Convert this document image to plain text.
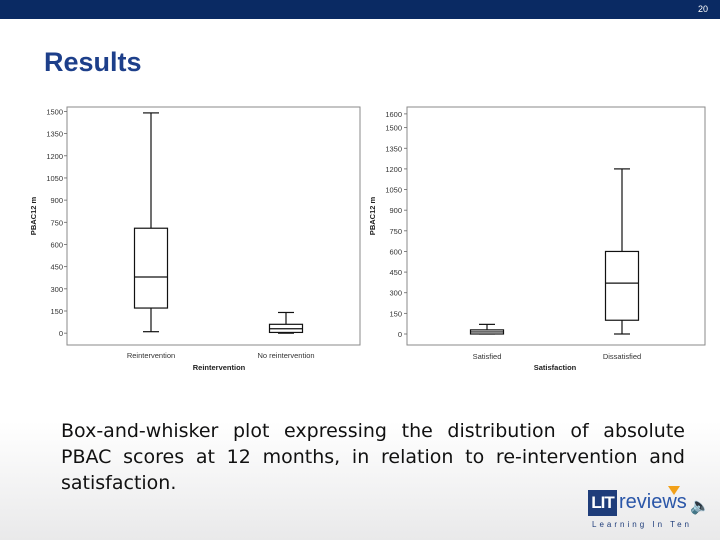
20
Results
0
150
300
450
600
750
900
1050
1200
1350
1500
PBAC12 m
Reintervention	No reintervention
Reintervention
0
150
300
450
600
750
900
1050
1200
1350
1500
1600
PBAC12 m
Satisfied	Dissatisfied
Satisfaction
Box-and-whisker plot expressing the distribution of absolute PBAC scores at 12 months, in relation to re-intervention and satisfaction.
LIT reviews 🔈
Learning In Ten
